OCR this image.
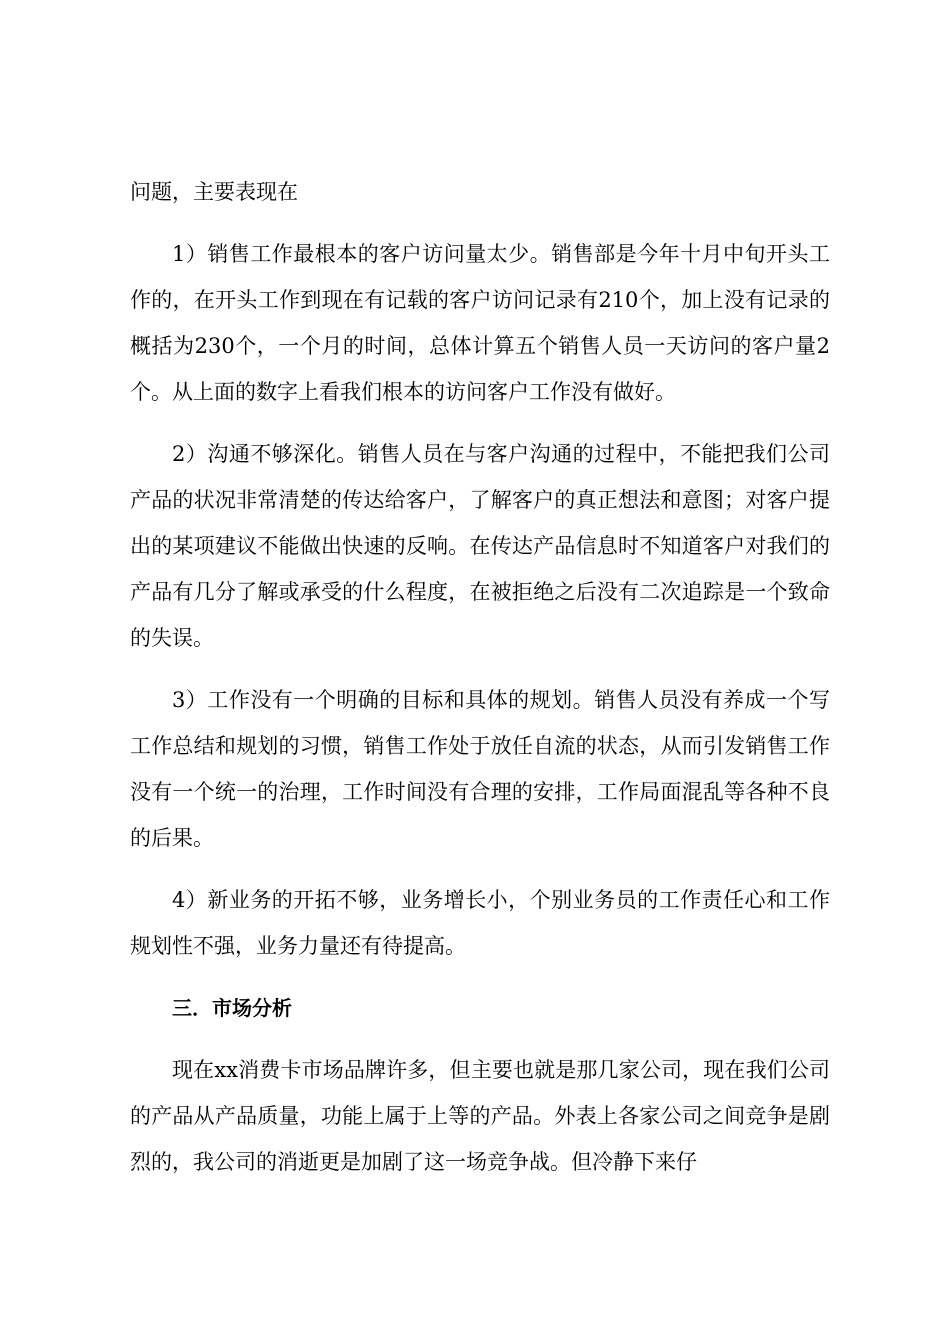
问题，主要表现在

1）销售工作最根本的客户访问量太少。销售部是今年十月中旬开头工作的，在开头工作到现在有记载的客户访问记录有210个，加上没有记录的概括为230个，一个月的时间，总体计算五个销售人员一天访问的客户量2个。从上面的数字上看我们根本的访问客户工作没有做好。

2）沟通不够深化。销售人员在与客户沟通的过程中，不能把我们公司产品的状况非常清楚的传达给客户，了解客户的真正想法和意图；对客户提出的某项建议不能做出快速的反响。在传达产品信息时不知道客户对我们的产品有几分了解或承受的什么程度，在被拒绝之后没有二次追踪是一个致命的失误。

3）工作没有一个明确的目标和具体的规划。销售人员没有养成一个写工作总结和规划的习惯，销售工作处于放任自流的状态，从而引发销售工作没有一个统一的治理，工作时间没有合理的安排，工作局面混乱等各种不良的后果。

4）新业务的开拓不够，业务增长小，个别业务员的工作责任心和工作规划性不强，业务力量还有待提高。

三．市场分析

现在xx消费卡市场品牌许多，但主要也就是那几家公司，现在我们公司的产品从产品质量，功能上属于上等的产品。外表上各家公司之间竞争是剧烈的，我公司的消逝更是加剧了这一场竞争战。但冷静下来仔
